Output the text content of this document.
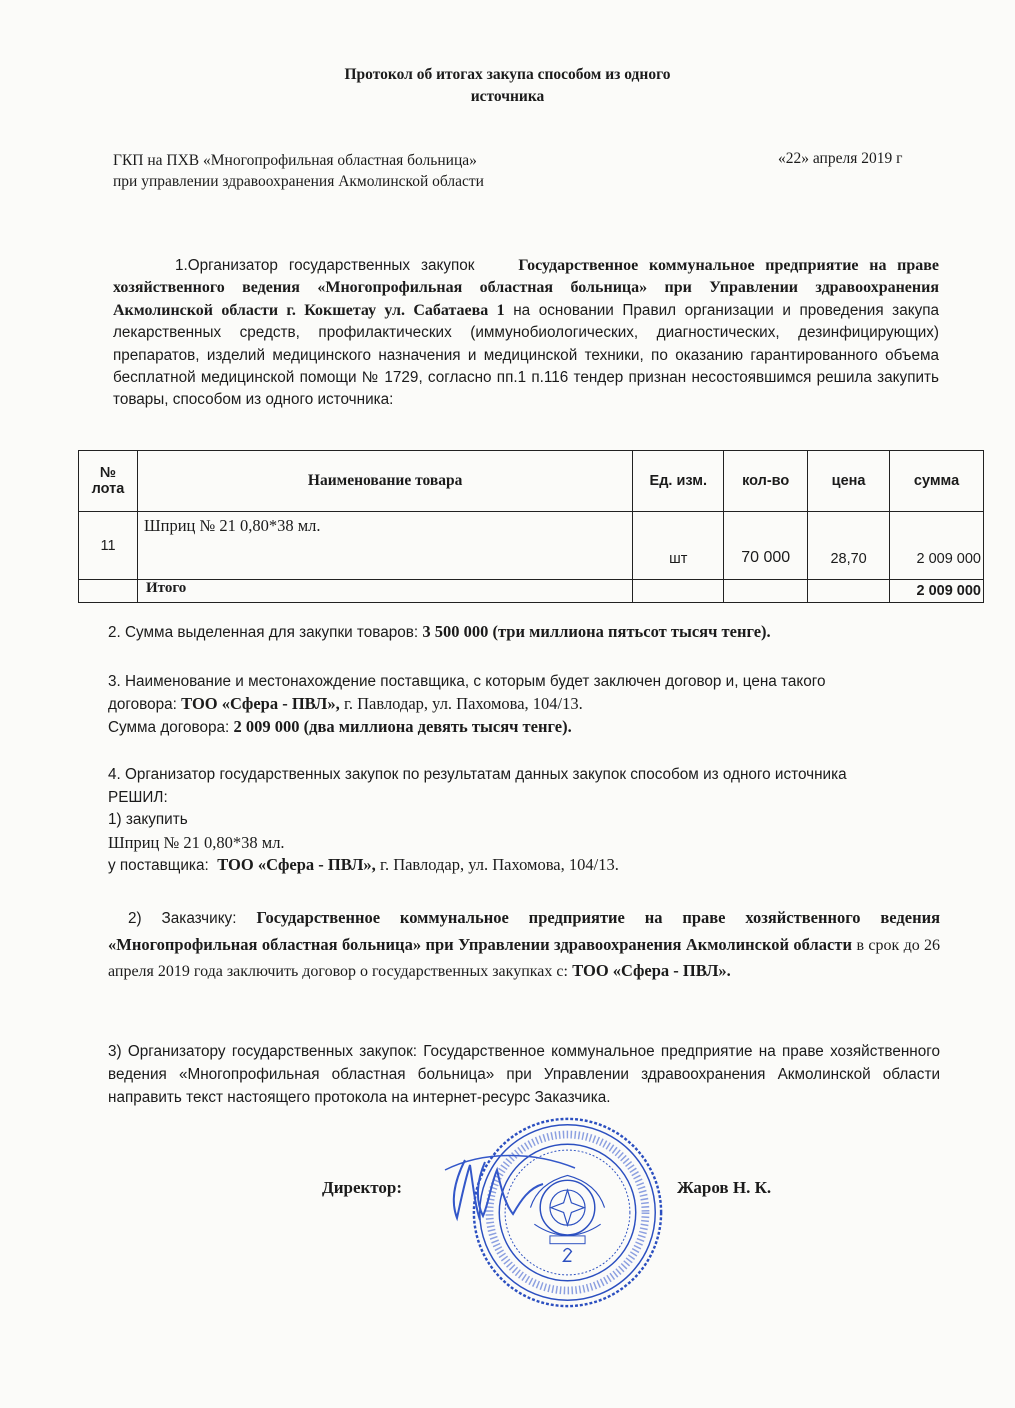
Протокол об итогах закупа способом из одного
источника
ГКП на ПХВ «Многопрофильная областная больница»
при управлении здравоохранения Акмолинской области
«22» апреля 2019 г
1.Организатор государственных закупок	Государственное коммунальное предприятие на праве хозяйственного ведения «Многопрофильная областная больница» при Управлении здравоохранения Акмолинской области г. Кокшетау ул. Сабатаева 1 на основании Правил организации и проведения закупа лекарственных средств, профилактических (иммунобиологических, диагностических, дезинфицирующих) препаратов, изделий медицинского назначения и медицинской техники, по оказанию гарантированного объема бесплатной медицинской помощи № 1729, согласно пп.1 п.116 тендер признан несостоявшимся решила закупить товары, способом из одного источника:
№ лота	Наименование товара	Ед. изм.	кол-во	цена	сумма
11	Шприц № 21 0,80*38 мл.	шт	70 000	28,70	2 009 000
	Итого				2 009 000
2. Сумма выделенная для закупки товаров: 3 500 000 (три миллиона пятьсот тысяч тенге).
3. Наименование и местонахождение поставщика, с которым будет заключен договор и, цена такого
договора: ТОО «Сфера - ПВЛ», г. Павлодар, ул. Пахомова, 104/13.
Сумма договора: 2 009 000 (два миллиона девять тысяч тенге).
4. Организатор государственных закупок по результатам данных закупок способом из одного источника
РЕШИЛ:
1) закупить
Шприц № 21 0,80*38 мл.
у поставщика: ТОО «Сфера - ПВЛ», г. Павлодар, ул. Пахомова, 104/13.
2) Заказчику: Государственное коммунальное предприятие на праве хозяйственного ведения «Многопрофильная областная больница» при Управлении здравоохранения Акмолинской области в срок до 26 апреля 2019 года заключить договор о государственных закупках с: ТОО «Сфера - ПВЛ».
3) Организатору государственных закупок: Государственное коммунальное предприятие на праве хозяйственного ведения «Многопрофильная областная больница» при Управлении здравоохранения Акмолинской области направить текст настоящего протокола на интернет-ресурс Заказчика.
Директор:	Жаров Н. К.
